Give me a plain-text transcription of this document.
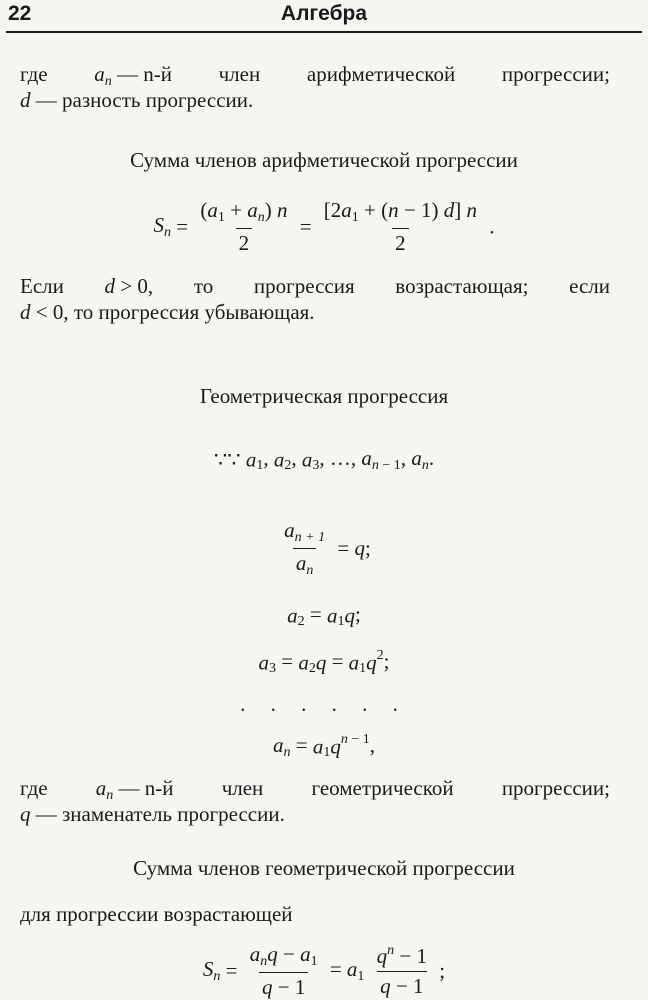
22	Алгебра
где $a_n$ — n-й член арифметической прогрессии;
d — разность прогрессии.
Сумма членов арифметической прогрессии
$S_n = \frac{(a_1 + a_n) n}{2} = \frac{[2a_1 + (n - 1) d] n}{2}$ .
Если d > 0, то прогрессия возрастающая; если
d < 0, то прогрессия убывающая.
Геометрическая прогрессия
∵∵ $a_1$, $a_2$, $a_3$, …, $a_n$ $_{- 1}$, $a_n$.
$\frac{a_{n + 1}}{a_n} = q$;
$a_2 = a_1q$;
$a_3 = a_2q = a_1q^2$;
. . . . . .
$a_n = a_1q^{n - 1}$,
где $a_n$ — n-й член геометрической прогрессии;
q — знаменатель прогрессии.
Сумма членов геометрической прогрессии
для прогрессии возрастающей
$S_n = \frac{a_nq - a_1}{q - 1} = a_1 \frac{q^n - 1}{q - 1}$ ;
